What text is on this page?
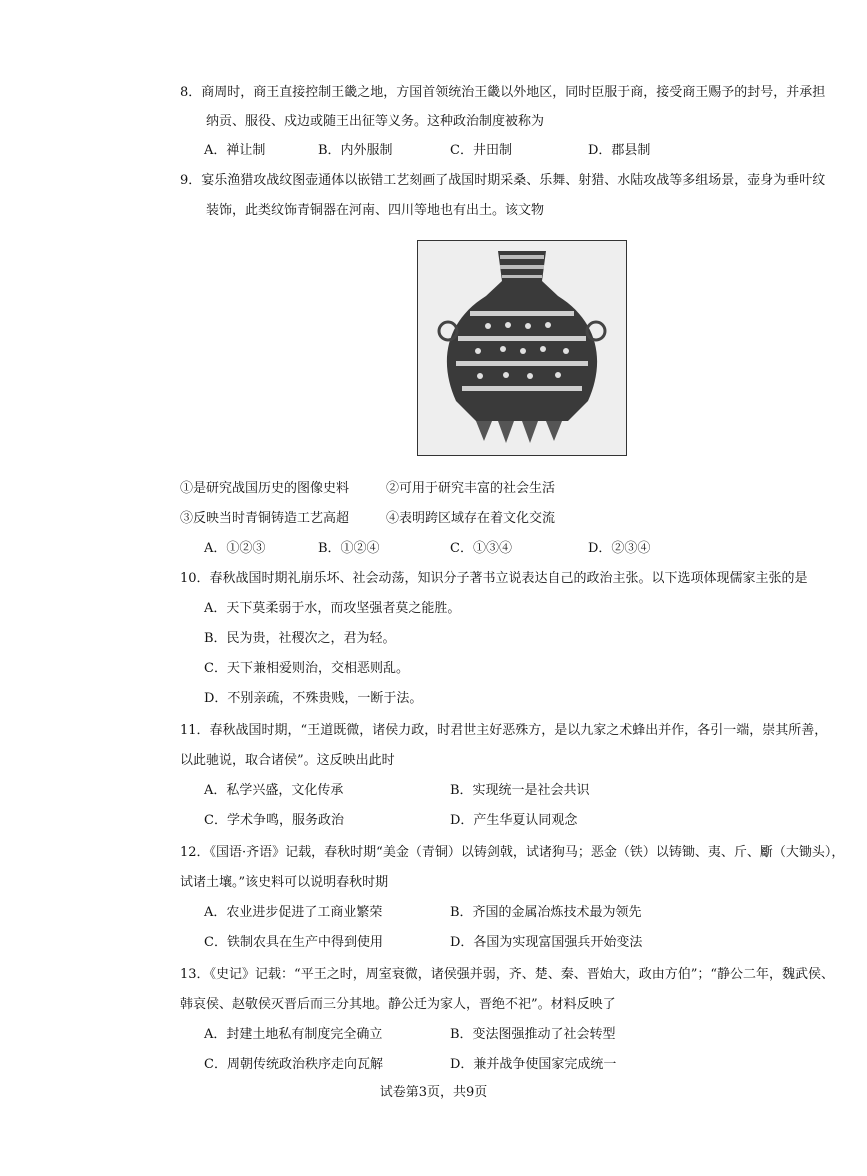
8．商周时，商王直接控制王畿之地，方国首领统治王畿以外地区，同时臣服于商，接受商王赐予的封号，并承担
纳贡、服役、戍边或随王出征等义务。这种政治制度被称为
A．禅让制	B．内外服制	C．井田制	D．郡县制
9．宴乐渔猎攻战纹图壶通体以嵌错工艺刻画了战国时期采桑、乐舞、射猎、水陆攻战等多组场景，壶身为垂叶纹
装饰，此类纹饰青铜器在河南、四川等地也有出土。该文物
①是研究战国历史的图像史料	②可用于研究丰富的社会生活
③反映当时青铜铸造工艺高超	④表明跨区域存在着文化交流
A．①②③	B．①②④	C．①③④	D．②③④
10．春秋战国时期礼崩乐坏、社会动荡，知识分子著书立说表达自己的政治主张。以下选项体现儒家主张的是
A．天下莫柔弱于水，而攻坚强者莫之能胜。
B．民为贵，社稷次之，君为轻。
C．天下兼相爱则治，交相恶则乱。
D．不别亲疏，不殊贵贱，一断于法。
11．春秋战国时期，“王道既微，诸侯力政，时君世主好恶殊方，是以九家之术蜂出并作，各引一端，崇其所善，
以此驰说，取合诸侯”。这反映出此时
A．私学兴盛，文化传承	B．实现统一是社会共识
C．学术争鸣，服务政治	D．产生华夏认同观念
12．《国语·齐语》记载，春秋时期“美金（青铜）以铸剑戟，试诸狗马；恶金（铁）以铸锄、夷、斤、斸（大锄头），
试诸土壤。”该史料可以说明春秋时期
A．农业进步促进了工商业繁荣	B．齐国的金属冶炼技术最为领先
C．铁制农具在生产中得到使用	D．各国为实现富国强兵开始变法
13．《史记》记载：“平王之时，周室衰微，诸侯强并弱，齐、楚、秦、晋始大，政由方伯”；“静公二年，魏武侯、
韩哀侯、赵敬侯灭晋后而三分其地。静公迁为家人，晋绝不祀”。材料反映了
A．封建土地私有制度完全确立	B．变法图强推动了社会转型
C．周朝传统政治秩序走向瓦解	D．兼并战争使国家完成统一
试卷第3页，共9页
